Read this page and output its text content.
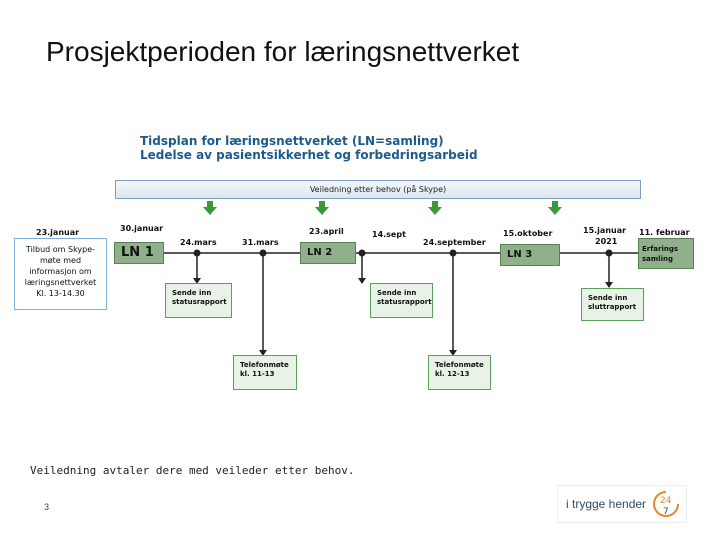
Prosjektperioden for læringsnettverket
Tidsplan for læringsnettverket (LN=samling)
Ledelse av pasientsikkerhet og forbedringsarbeid
Veiledning etter behov (på Skype)
23.januar	30.januar
24.mars	31.mars
23.april	14.sept
24.september
15.oktober	15.januar
2021
11. februar
Tilbud om Skype-
møte med
informasjon om
læringsnettverket
Kl. 13-14.30
LN 1	LN 2	LN 3	Erfarings
samling
Sende inn
statusrapport
Sende inn
statusrapport	Sende inn
sluttrapport
Telefonmøte
kl. 11-13
Telefonmøte
kl. 12-13
Veiledning avtaler dere med veileder etter behov.
3	i trygge hender 24
7
